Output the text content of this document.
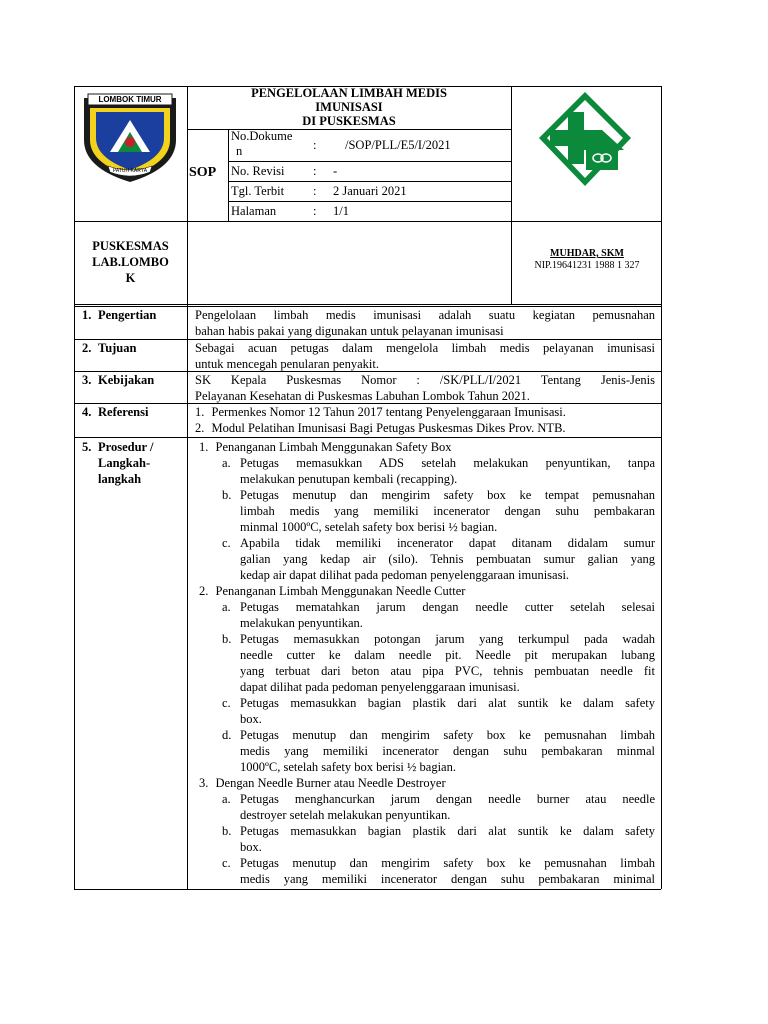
LOMBOK TIMUR
PATUH KARYA
PENGELOLAAN LIMBAH MEDIS
IMUNISASI
DI PUSKESMAS
SOP
No.Dokume
n	: /SOP/PLL/E5/I/2021
No. Revisi : -
Tgl. Terbit : 2 Januari 2021
Halaman	: 1/1
PUSKESMAS
LAB.LOMBO
K
MUHDAR, SKM
NIP.19641231 1988 1 327
1. Pengertian
2. Tujuan
3. Kebijakan
4. Referensi
5. Prosedur /
Langkah-
langkah
Pengelolaan limbah medis imunisasi adalah suatu kegiatan pemusnahan
bahan habis pakai yang digunakan untuk pelayanan imunisasi
Sebagai acuan petugas dalam mengelola limbah medis pelayanan imunisasi
untuk mencegah penularan penyakit.
SK Kepala Puskesmas Nomor : /SK/PLL/I/2021 Tentang Jenis-Jenis
Pelayanan Kesehatan di Puskesmas Labuhan Lombok Tahun 2021.
1. Permenkes Nomor 12 Tahun 2017 tentang Penyelenggaraan Imunisasi.
2. Modul Pelatihan Imunisasi Bagi Petugas Puskesmas Dikes Prov. NTB.
1. Penanganan Limbah Menggunakan Safety Box
a. Petugas memasukkan ADS setelah melakukan penyuntikan, tanpa
melakukan penutupan kembali (recapping).
b. Petugas menutup dan mengirim safety box ke tempat pemusnahan
limbah medis yang memiliki incenerator dengan suhu pembakaran
minmal 1000ºC, setelah safety box berisi ½ bagian.
c. Apabila tidak memiliki incenerator dapat ditanam didalam sumur
galian yang kedap air (silo). Tehnis pembuatan sumur galian yang
kedap air dapat dilihat pada pedoman penyelenggaraan imunisasi.
2. Penanganan Limbah Menggunakan Needle Cutter
a. Petugas mematahkan jarum dengan needle cutter setelah selesai
melakukan penyuntikan.
b. Petugas memasukkan potongan jarum yang terkumpul pada wadah
needle cutter ke dalam needle pit. Needle pit merupakan lubang
yang terbuat dari beton atau pipa PVC, tehnis pembuatan needle fit
dapat dilihat pada pedoman penyelenggaraan imunisasi.
c. Petugas memasukkan bagian plastik dari alat suntik ke dalam safety
box.
d. Petugas menutup dan mengirim safety box ke pemusnahan limbah
medis yang memiliki incenerator dengan suhu pembakaran minmal
1000ºC, setelah safety box berisi ½ bagian.
3. Dengan Needle Burner atau Needle Destroyer
a. Petugas menghancurkan jarum dengan needle burner atau needle
destroyer setelah melakukan penyuntikan.
b. Petugas memasukkan bagian plastik dari alat suntik ke dalam safety
box.
c. Petugas menutup dan mengirim safety box ke pemusnahan limbah
medis yang memiliki incenerator dengan suhu pembakaran minimal
